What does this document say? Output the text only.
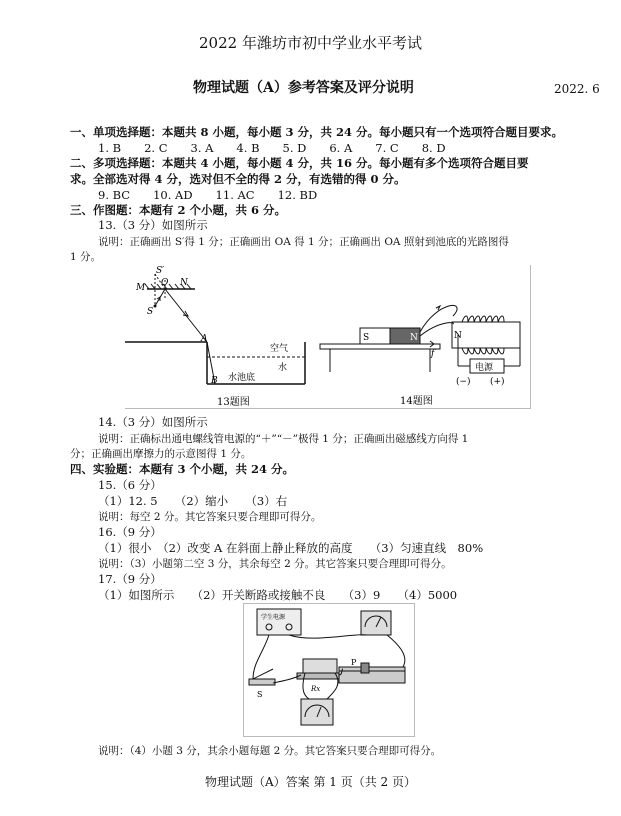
2022 年潍坊市初中学业水平考试
物理试题（A）参考答案及评分说明	2022. 6
一、单项选择题：本题共 8 小题，每小题 3 分，共 24 分。每小题只有一个选项符合题目要求。
1. B　　2. C　　3. A　　4. B　　5. D　　6. A　　7. C　　8. D
二、多项选择题：本题共 4 小题，每小题 4 分，共 16 分。每小题有多个选项符合题目要
求。全部选对得 4 分，选对但不全的得 2 分，有选错的得 0 分。
9. BC　　10. AD　　11. AC　　12. BD
三、作图题：本题有 2 个小题，共 6 分。
13.（3 分）如图所示
说明：正确画出 S′得 1 分；正确画出 OA 得 1 分；正确画出 OA 照射到池底的光路图得
1 分。
S′
M O N
S
A
B
空气
水
水池底
13题图
S	N
f
N
电源
(−) (+)
14题图
14.（3 分）如图所示
说明：正确标出通电螺线管电源的“＋”“－”极得 1 分；正确画出磁感线方向得 1
分；正确画出摩擦力的示意图得 1 分。
四、实验题：本题有 3 个小题，共 24 分。
15.（6 分）
（1）12. 5　　（2）缩小　　（3）右
说明：每空 2 分。其它答案只要合理即可得分。
16.（9 分）
（1）很小　（2）改变 A 在斜面上静止释放的高度　　（3）匀速直线　80%
说明：（3）小题第二空 3 分，其余每空 2 分。其它答案只要合理即可得分。
17.（9 分）
（1）如图所示　　（2）开关断路或接触不良　　（3）9　　（4）5000
学生电源
S
Rx
P
说明：（4）小题 3 分，其余小题每题 2 分。其它答案只要合理即可得分。
物理试题（A）答案 第 1 页（共 2 页）
